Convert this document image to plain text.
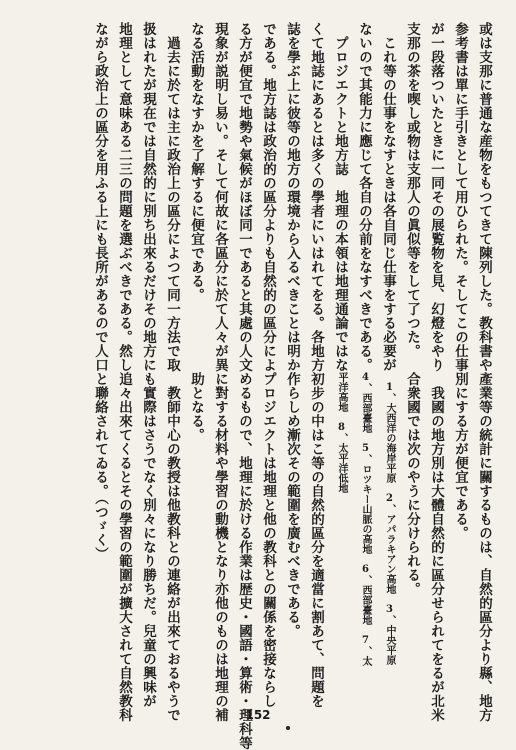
或は支那に普通な産物をもつてきて陳列した。教科書や
参考書は單に手引きとして用ひられた。そしてこの仕事
が一段落ついたときに一同その展覧物を見、幻燈をやり
支那の茶を喫し或物は支那人の眞似等をして了つた。
　これ等の仕事をなすときは各自同じ仕事をする必要が
ないので其能力に應じて各自の分前をなすべきである。
　プロジエクトと地方誌　地理の本領は地理通論ではな
くて地誌にあるとは多くの學者にいはれてをる。各地方
誌を學ぶ上に彼等の地方の環境から入るべきことは明か
である。地方誌は政治的の區分よりも自然的の區分によ
る方が便宜で地勢や氣候がほぼ同一であると其處の人文
現象が説明し易い。そして何故に各區分に於て人々が異
なる活動をなすかを了解するに便宜である。
　過去に於ては主に政治上の區分によつて同一方法で取
扱はれたが現在では自然的に別ち出來るだけその地方に
地理として意味ある二三の問題を選ぶべきである。然し
ながら政治上の區分を用ふる上にも長所があるので人口
產業等の統計に關するものは、自然的區分より縣、地方
別にする方が便宜である。
　我國の地方別は大體自然的に區分せられてをるが北米
合衆國では次のやうに分けられる。
　1、大西洋の海岸平原　2、アパラキアン高地　3、中央平原
4、西部臺地　5、ロツキー山脈の高地　6、西部臺地　7、太
平洋高地　8、太平洋低地
初步の中はこ等の自然的區分を適當に割あて、問題を
作らしめ漸次その範圍を廣むべきである。
プロジエクトは地理と他の教科との關係を密接ならし
めるもので、地理に於ける作業は歴史・國語・算術・理科等
に對する材料や學習の動機となり亦他のものは地理の補
助となる。
　教師中心の教授は他教科との連絡が出來ておるやうで
も實際はさうでなく別々になり勝ちだ。兒童の興味が
追々出來てくるとその學習の範圍が擴大されて自然教科
と聯絡されてゐる。（つゞく）
152
